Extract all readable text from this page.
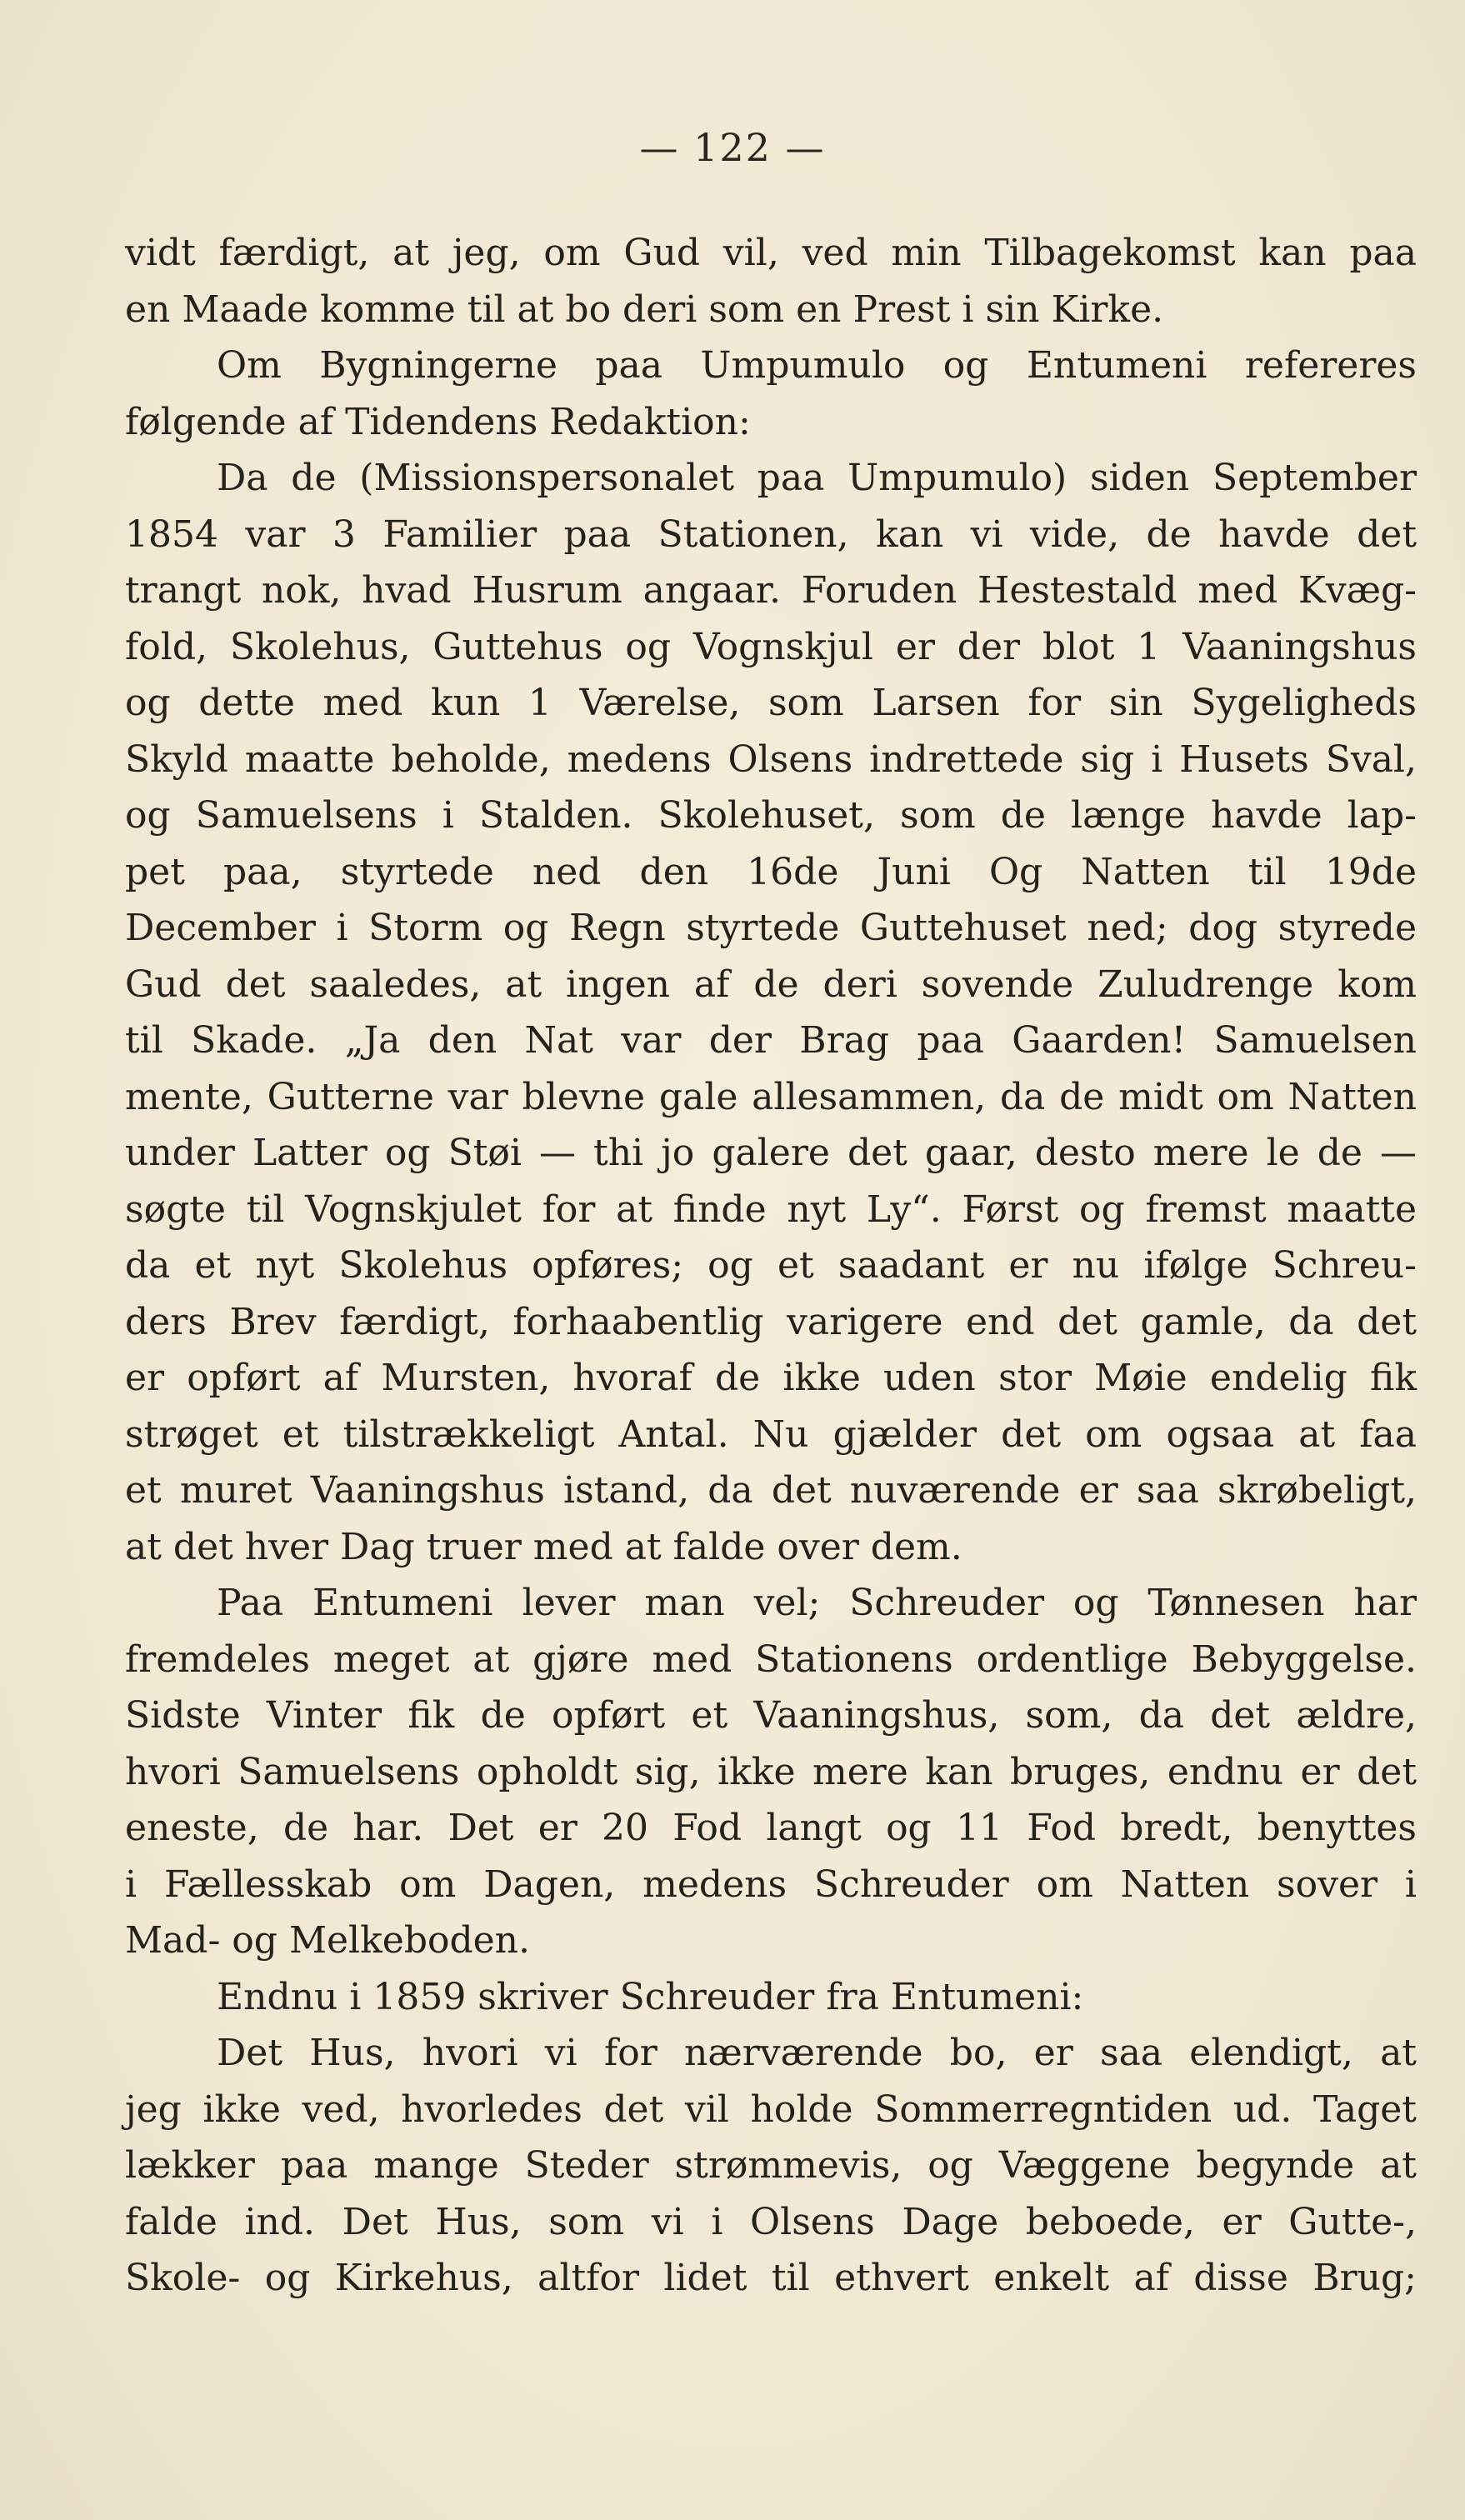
— 122 —
vidt færdigt, at jeg, om Gud vil, ved min Tilbagekomst kan paa
en Maade komme til at bo deri som en Prest i sin Kirke.
Om Bygningerne paa Umpumulo og Entumeni refereres
følgende af Tidendens Redaktion:
Da de (Missionspersonalet paa Umpumulo) siden September
1854 var 3 Familier paa Stationen, kan vi vide, de havde det
trangt nok, hvad Husrum angaar. Foruden Hestestald med Kvæg-
fold, Skolehus, Guttehus og Vognskjul er der blot 1 Vaaningshus
og dette med kun 1 Værelse, som Larsen for sin Sygeligheds
Skyld maatte beholde, medens Olsens indrettede sig i Husets Sval,
og Samuelsens i Stalden. Skolehuset, som de længe havde lap-
pet paa, styrtede ned den 16de Juni Og Natten til 19de
December i Storm og Regn styrtede Guttehuset ned; dog styrede
Gud det saaledes, at ingen af de deri sovende Zuludrenge kom
til Skade. „Ja den Nat var der Brag paa Gaarden! Samuelsen
mente, Gutterne var blevne gale allesammen, da de midt om Natten
under Latter og Støi — thi jo galere det gaar, desto mere le de —
søgte til Vognskjulet for at finde nyt Ly“. Først og fremst maatte
da et nyt Skolehus opføres; og et saadant er nu ifølge Schreu-
ders Brev færdigt, forhaabentlig varigere end det gamle, da det
er opført af Mursten, hvoraf de ikke uden stor Møie endelig fik
strøget et tilstrækkeligt Antal. Nu gjælder det om ogsaa at faa
et muret Vaaningshus istand, da det nuværende er saa skrøbeligt,
at det hver Dag truer med at falde over dem.
Paa Entumeni lever man vel; Schreuder og Tønnesen har
fremdeles meget at gjøre med Stationens ordentlige Bebyggelse.
Sidste Vinter fik de opført et Vaaningshus, som, da det ældre,
hvori Samuelsens opholdt sig, ikke mere kan bruges, endnu er det
eneste, de har. Det er 20 Fod langt og 11 Fod bredt, benyttes
i Fællesskab om Dagen, medens Schreuder om Natten sover i
Mad- og Melkeboden.
Endnu i 1859 skriver Schreuder fra Entumeni:
Det Hus, hvori vi for nærværende bo, er saa elendigt, at
jeg ikke ved, hvorledes det vil holde Sommerregntiden ud. Taget
lækker paa mange Steder strømmevis, og Væggene begynde at
falde ind. Det Hus, som vi i Olsens Dage beboede, er Gutte-,
Skole- og Kirkehus, altfor lidet til ethvert enkelt af disse Brug;
